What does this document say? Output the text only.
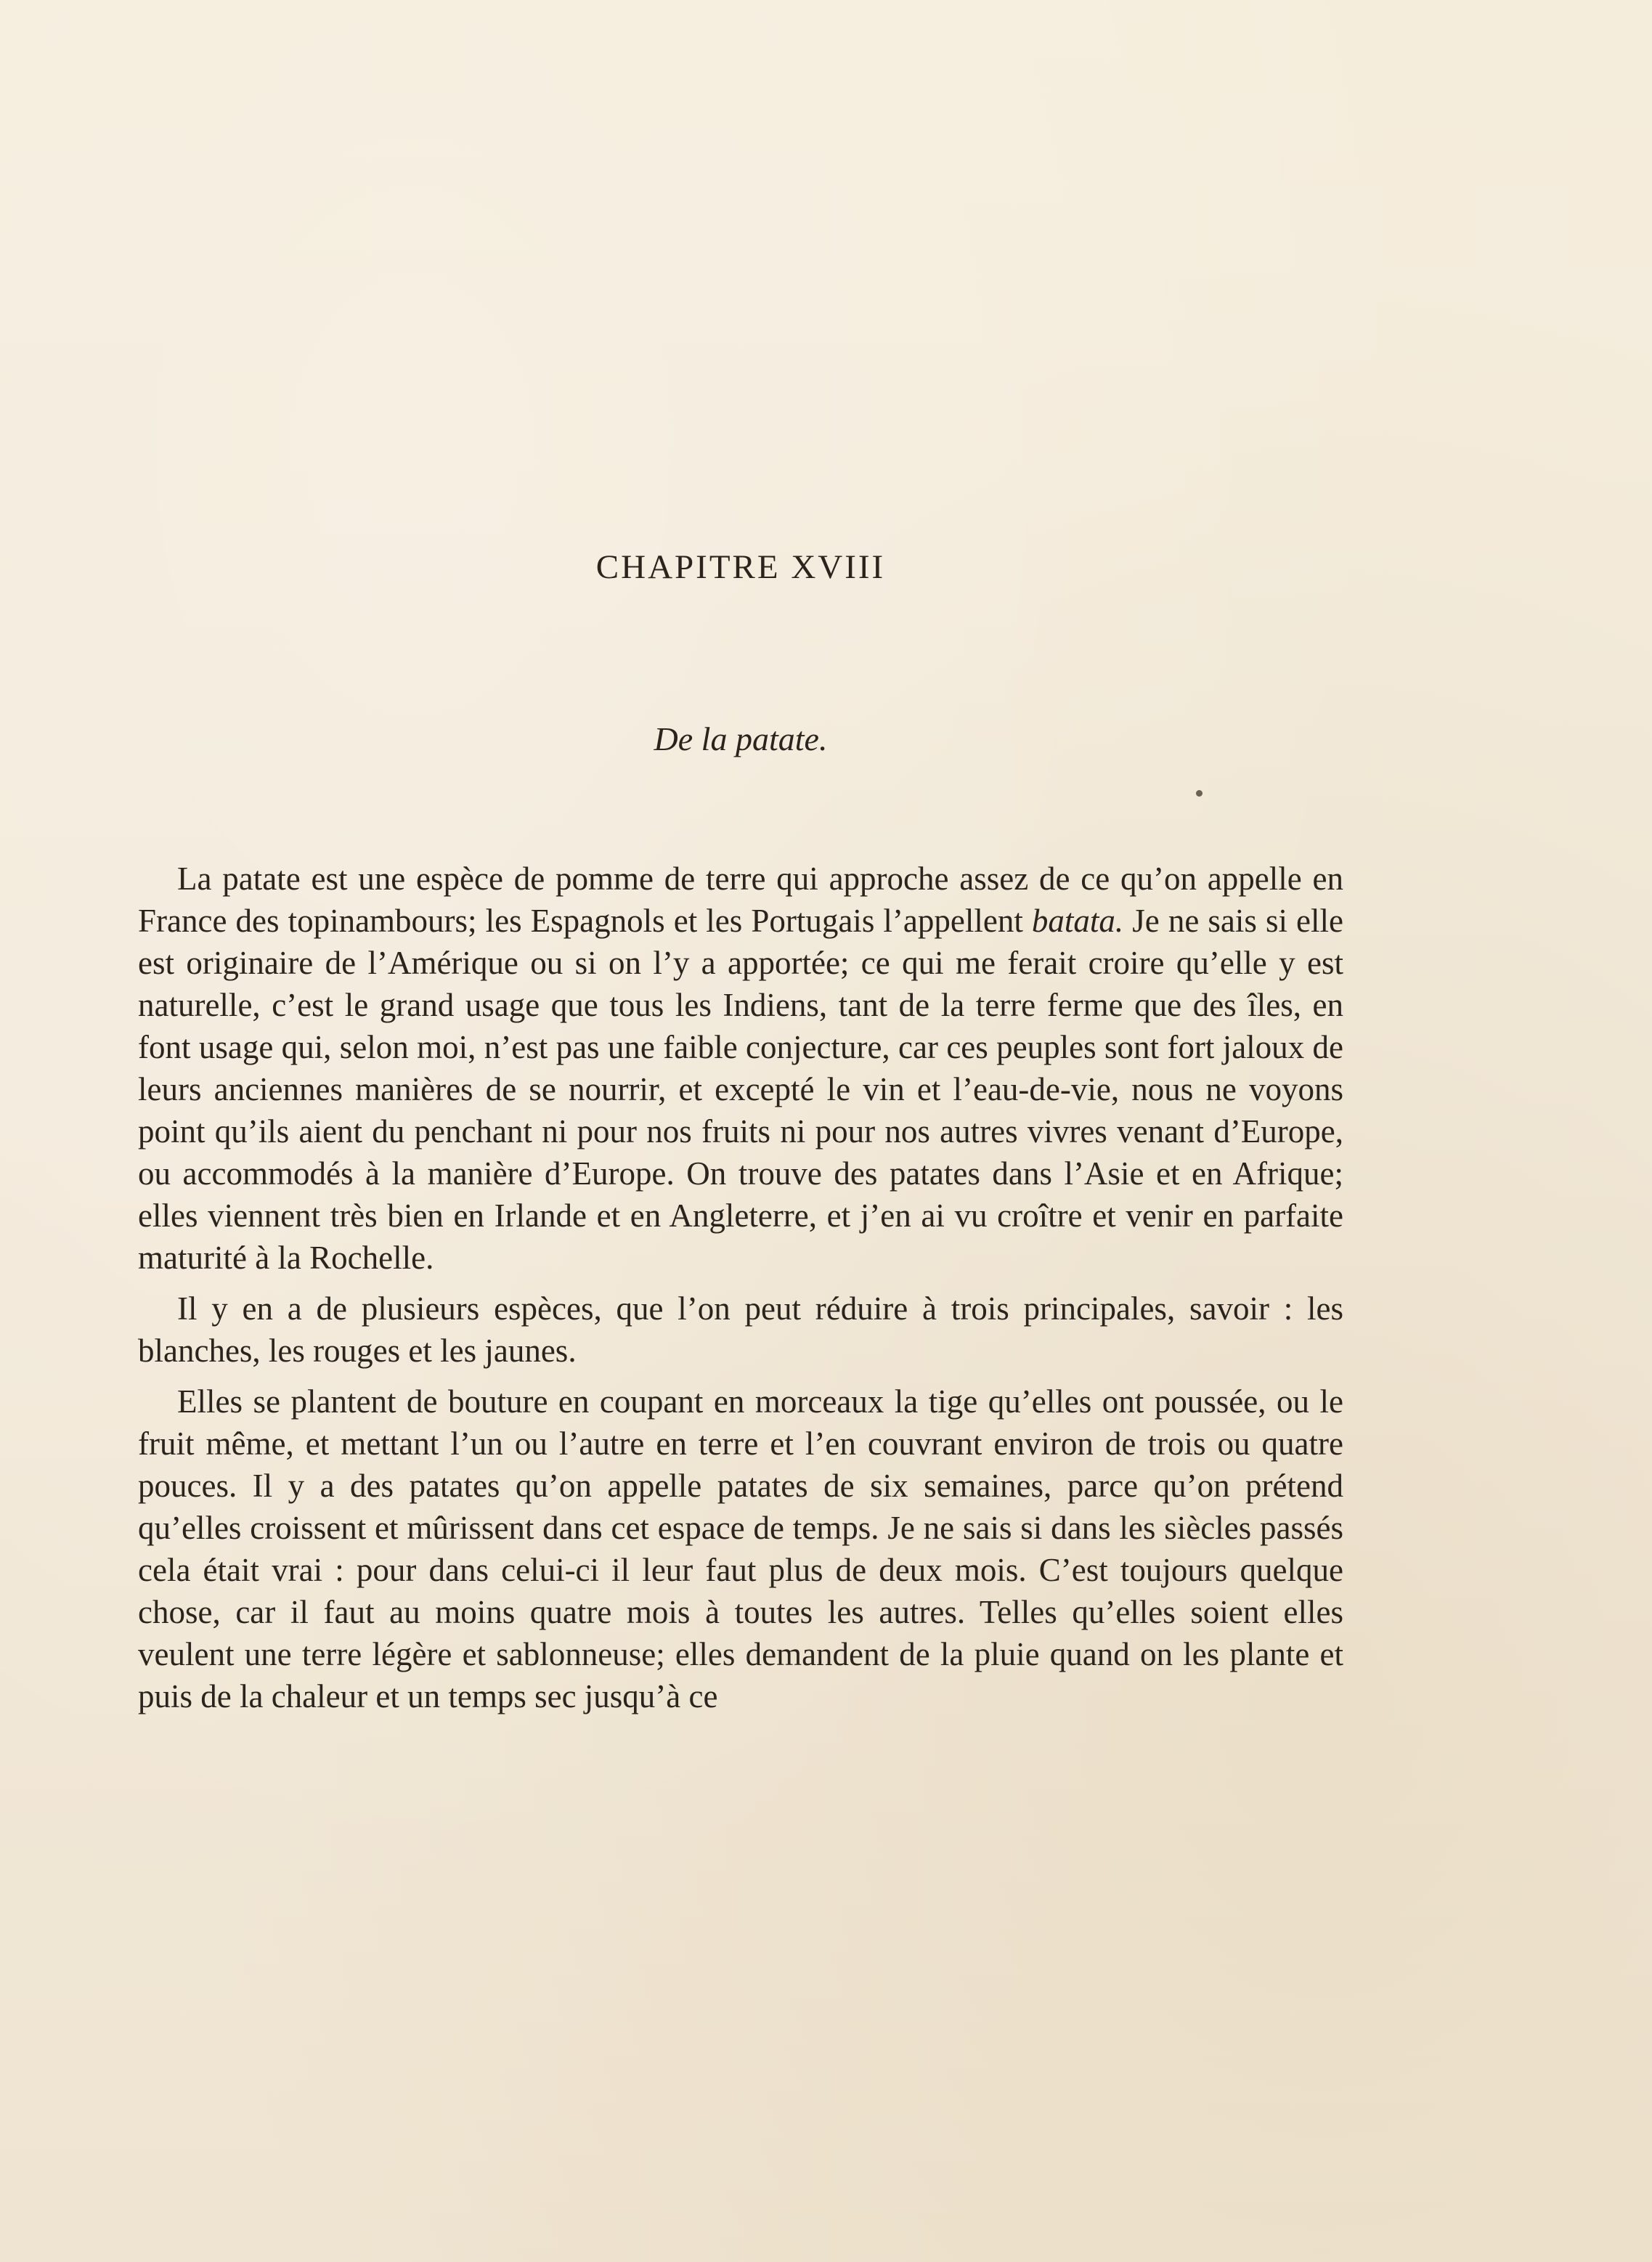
CHAPITRE XVIII
De la patate.

La patate est une espèce de pomme de terre qui approche assez de ce qu’on appelle en France des topinambours; les Espagnols et les Portugais l’appellent batata. Je ne sais si elle est originaire de l’Amérique ou si on l’y a apportée; ce qui me ferait croire qu’elle y est naturelle, c’est le grand usage que tous les Indiens, tant de la terre ferme que des îles, en font usage qui, selon moi, n’est pas une faible conjecture, car ces peuples sont fort jaloux de leurs anciennes manières de se nourrir, et excepté le vin et l’eau-de-vie, nous ne voyons point qu’ils aient du penchant ni pour nos fruits ni pour nos autres vivres venant d’Europe, ou accommodés à la manière d’Europe. On trouve des patates dans l’Asie et en Afrique; elles viennent très bien en Irlande et en Angleterre, et j’en ai vu croître et venir en parfaite maturité à la Rochelle.

Il y en a de plusieurs espèces, que l’on peut réduire à trois principales, savoir : les blanches, les rouges et les jaunes.

Elles se plantent de bouture en coupant en morceaux la tige qu’elles ont poussée, ou le fruit même, et mettant l’un ou l’autre en terre et l’en couvrant environ de trois ou quatre pouces. Il y a des patates qu’on appelle patates de six semaines, parce qu’on prétend qu’elles croissent et mûrissent dans cet espace de temps. Je ne sais si dans les siècles passés cela était vrai : pour dans celui-ci il leur faut plus de deux mois. C’est toujours quelque chose, car il faut au moins quatre mois à toutes les autres. Telles qu’elles soient elles veulent une terre légère et sablonneuse; elles demandent de la pluie quand on les plante et puis de la chaleur et un temps sec jusqu’à ce
